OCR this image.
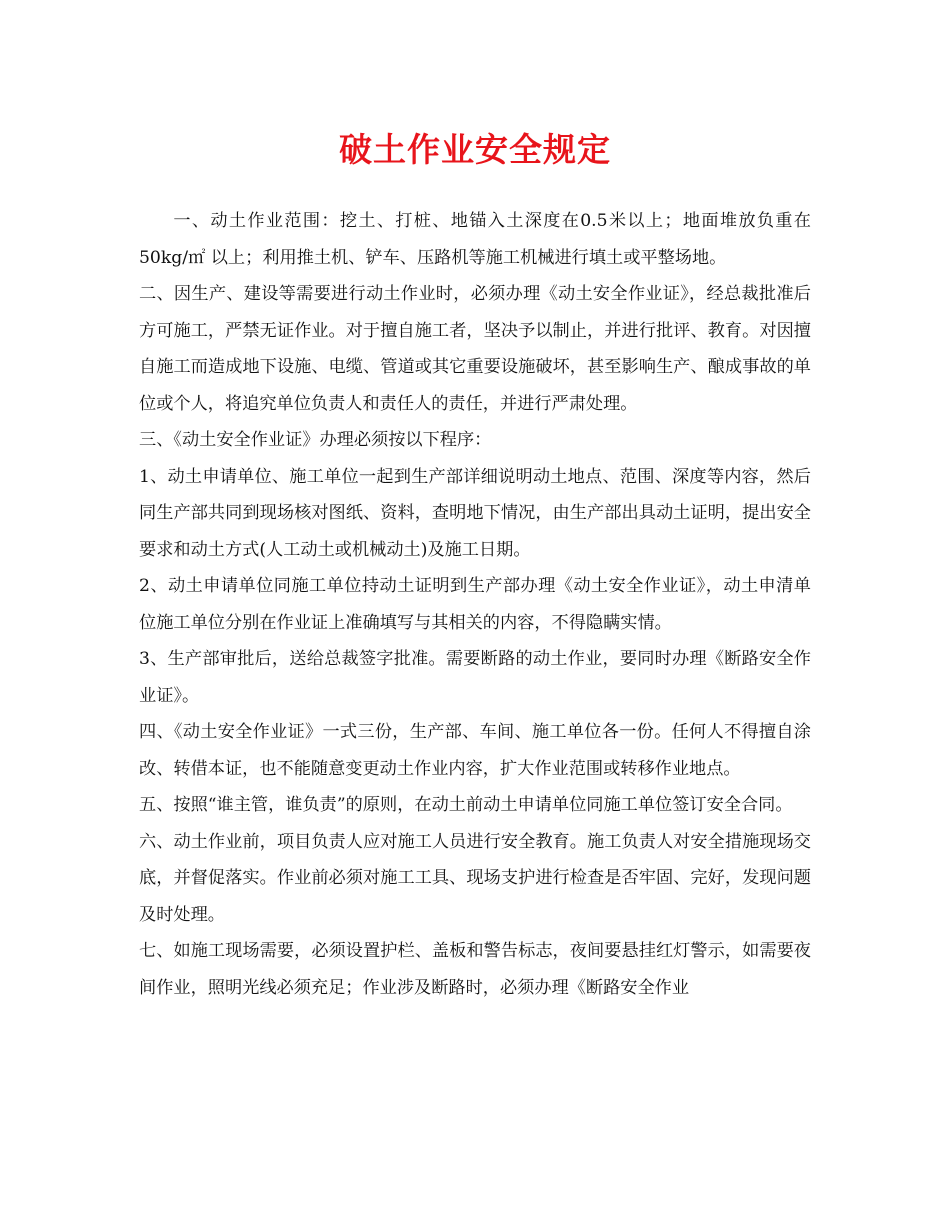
破土作业安全规定

一、动土作业范围：挖土、打桩、地锚入土深度在0.5米以上；地面堆放负重在50kg/㎡ 以上；利用推土机、铲车、压路机等施工机械进行填土或平整场地。

二、因生产、建设等需要进行动土作业时，必须办理《动土安全作业证》，经总裁批准后方可施工，严禁无证作业。对于擅自施工者，坚决予以制止，并进行批评、教育。对因擅自施工而造成地下设施、电缆、管道或其它重要设施破坏，甚至影响生产、酿成事故的单位或个人，将追究单位负责人和责任人的责任，并进行严肃处理。

三、《动土安全作业证》办理必须按以下程序：

1、动土申请单位、施工单位一起到生产部详细说明动土地点、范围、深度等内容，然后同生产部共同到现场核对图纸、资料，查明地下情况，由生产部出具动土证明，提出安全要求和动土方式(人工动土或机械动土)及施工日期。

2、动土申请单位同施工单位持动土证明到生产部办理《动土安全作业证》，动土申清单位施工单位分别在作业证上准确填写与其相关的内容，不得隐瞒实情。

3、生产部审批后，送给总裁签字批准。需要断路的动土作业，要同时办理《断路安全作业证》。

四、《动土安全作业证》一式三份，生产部、车间、施工单位各一份。任何人不得擅自涂改、转借本证，也不能随意变更动土作业内容，扩大作业范围或转移作业地点。

五、按照“谁主管，谁负责”的原则，在动土前动土申请单位同施工单位签订安全合同。

六、动土作业前，项目负责人应对施工人员进行安全教育。施工负责人对安全措施现场交底，并督促落实。作业前必须对施工工具、现场支护进行检查是否牢固、完好，发现问题及时处理。

七、如施工现场需要，必须设置护栏、盖板和警告标志，夜间要悬挂红灯警示，如需要夜间作业，照明光线必须充足；作业涉及断路时，必须办理《断路安全作业
